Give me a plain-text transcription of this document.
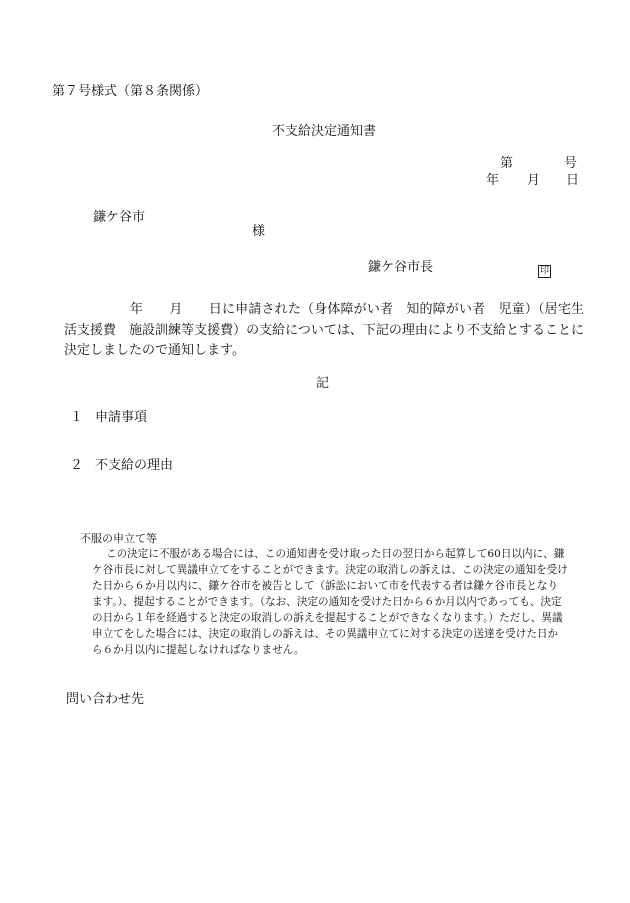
第７号様式（第８条関係）
不支給決定通知書
第	号
年 月 日
鎌ケ谷市
様
鎌ケ谷市長	印

　　　　　年　　月　　日に申請された（身体障がい者　知的障がい者　児童）（居宅生活支援費　施設訓練等支援費）の支給については、下記の理由により不支給とすることに決定しましたので通知します。

記
１ 申請事項
２ 不支給の理由
不服の申立て等

この決定に不服がある場合には、この通知書を受け取った日の翌日から起算して60日以内に、鎌ケ谷市長に対して異議申立てをすることができます。決定の取消しの訴えは、この決定の通知を受けた日から６か月以内に、鎌ケ谷市を被告として（訴訟において市を代表する者は鎌ケ谷市長となります。）、提起することができます。（なお、決定の通知を受けた日から６か月以内であっても、決定の日から１年を経過すると決定の取消しの訴えを提起することができなくなります。）ただし、異議申立てをした場合には、決定の取消しの訴えは、その異議申立てに対する決定の送達を受けた日から６か月以内に提起しなければなりません。

問い合わせ先
